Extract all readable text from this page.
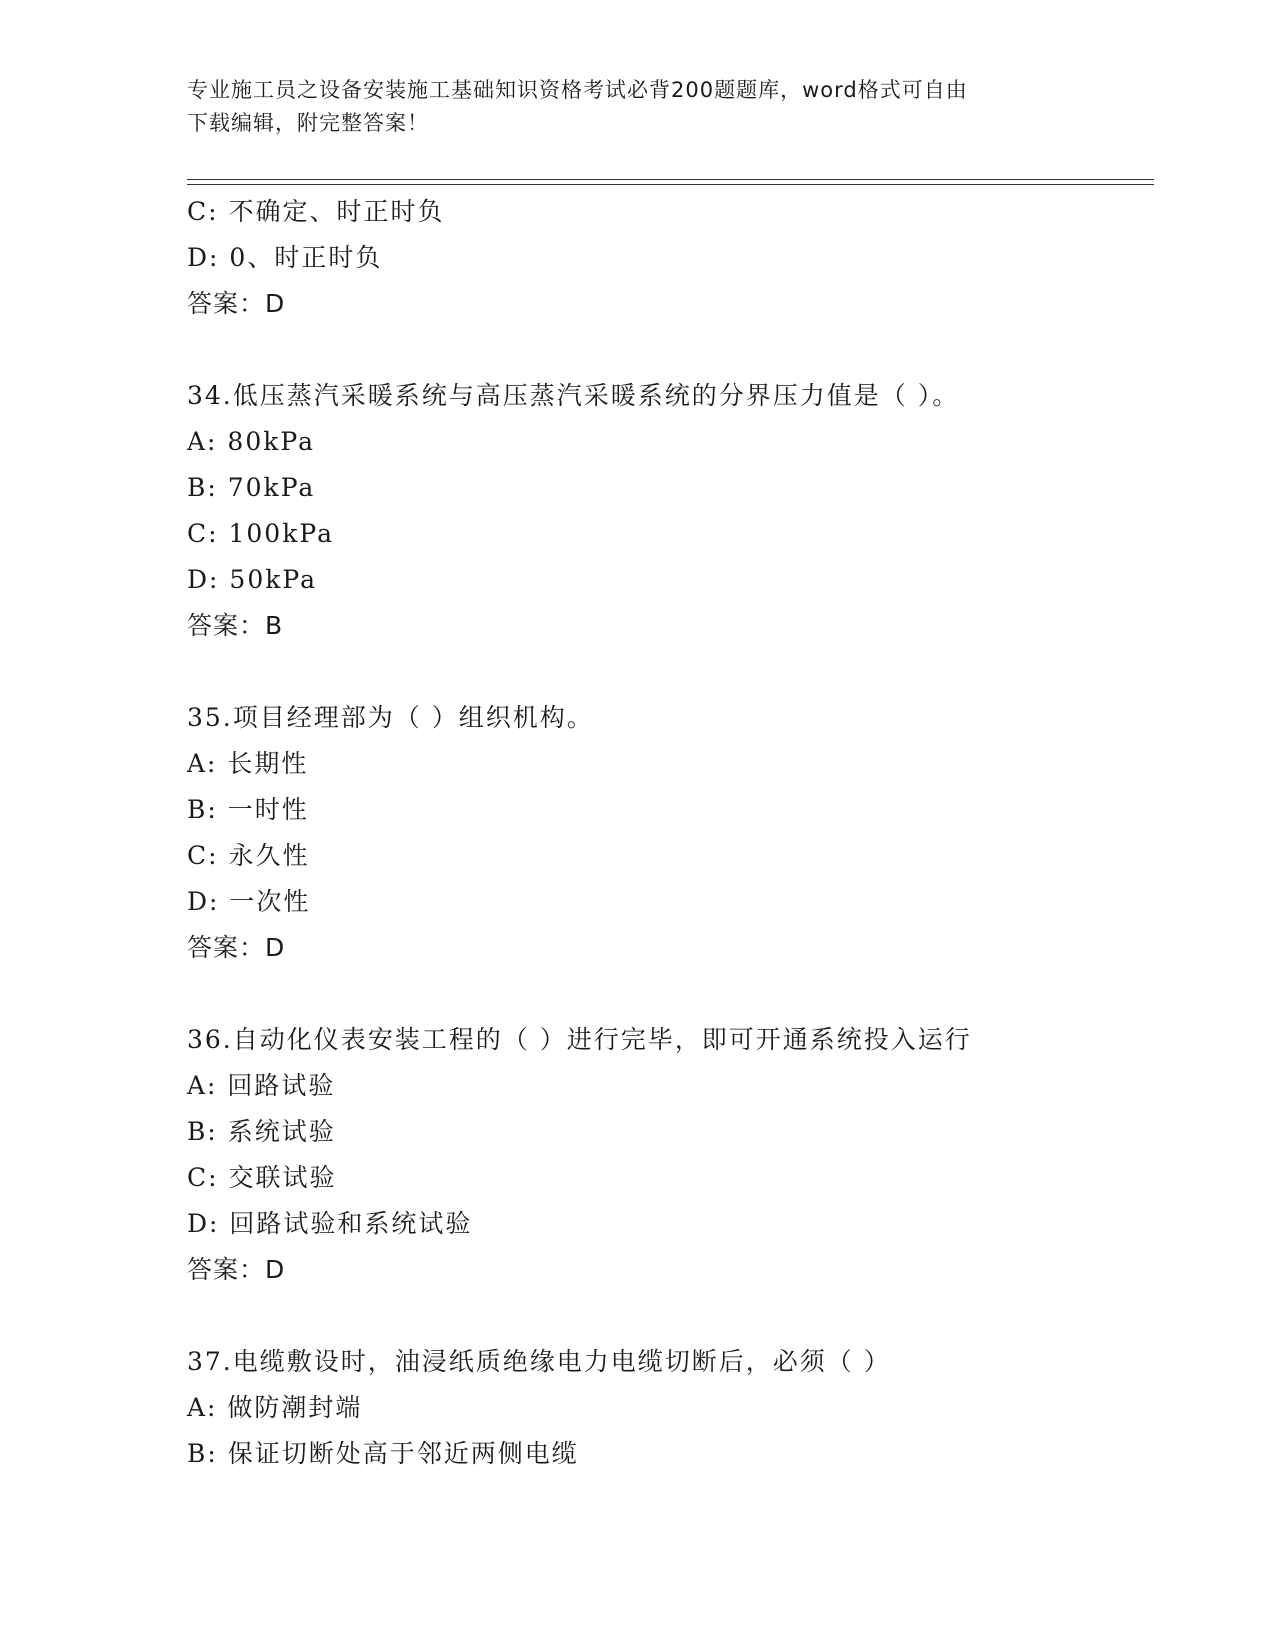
专业施工员之设备安装施工基础知识资格考试必背200题题库，word格式可自由
下载编辑，附完整答案！
C: 不确定、时正时负
D: 0、时正时负
答案：D
34.低压蒸汽采暖系统与高压蒸汽采暖系统的分界压力值是（ ）。
A: 80kPa
B: 70kPa
C: 100kPa
D: 50kPa
答案：B
35.项目经理部为（ ）组织机构。
A: 长期性
B: 一时性
C: 永久性
D: 一次性
答案：D
36.自动化仪表安装工程的（ ）进行完毕，即可开通系统投入运行
A: 回路试验
B: 系统试验
C: 交联试验
D: 回路试验和系统试验
答案：D
37.电缆敷设时，油浸纸质绝缘电力电缆切断后，必须（ ）
A: 做防潮封端
B: 保证切断处高于邻近两侧电缆
